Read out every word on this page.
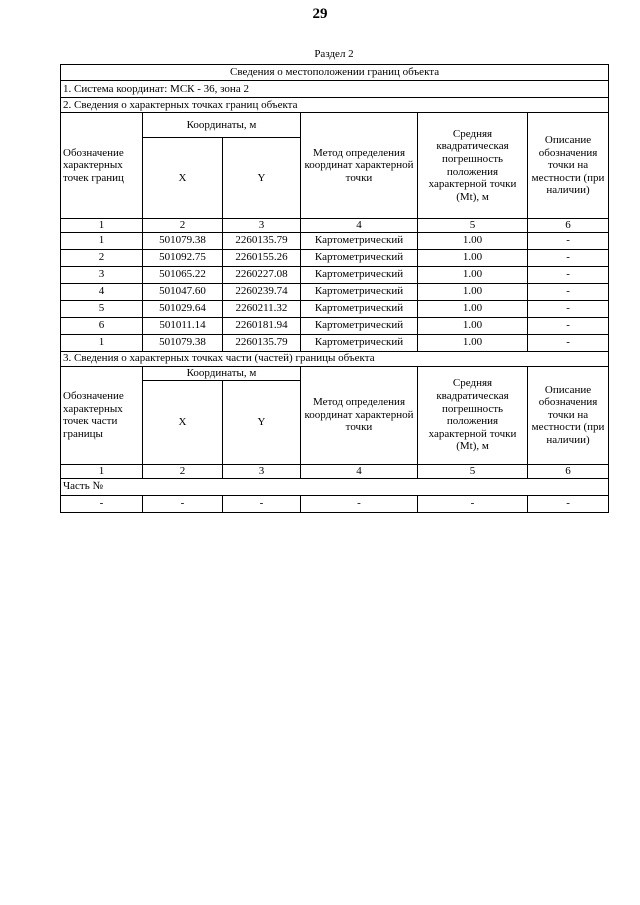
29
Раздел 2
Сведения о местоположении границ объекта					
1. Система координат: МСК - 36, зона 2					
2. Сведения о характерных точках границ объекта					
Обозначение характерных точек границ	Координаты, м		Метод определения координат характерной точки	Средняя квадратическая погрешность положения характерной точки (Mt), м	Описание обозначения точки на местности (при наличии)
	X	Y			
1	2	3	4	5	6
1	501079.38	2260135.79	Картометрический	1.00	-
2	501092.75	2260155.26	Картометрический	1.00	-
3	501065.22	2260227.08	Картометрический	1.00	-
4	501047.60	2260239.74	Картометрический	1.00	-
5	501029.64	2260211.32	Картометрический	1.00	-
6	501011.14	2260181.94	Картометрический	1.00	-
1	501079.38	2260135.79	Картометрический	1.00	-
3. Сведения о характерных точках части (частей) границы объекта					
Обозначение характерных точек части границы	Координаты, м		Метод определения координат характерной точки	Средняя квадратическая погрешность положения характерной точки (Mt), м	Описание обозначения точки на местности (при наличии)
	X	Y			
1	2	3	4	5	6
Часть №					
-	-	-	-	-	-
